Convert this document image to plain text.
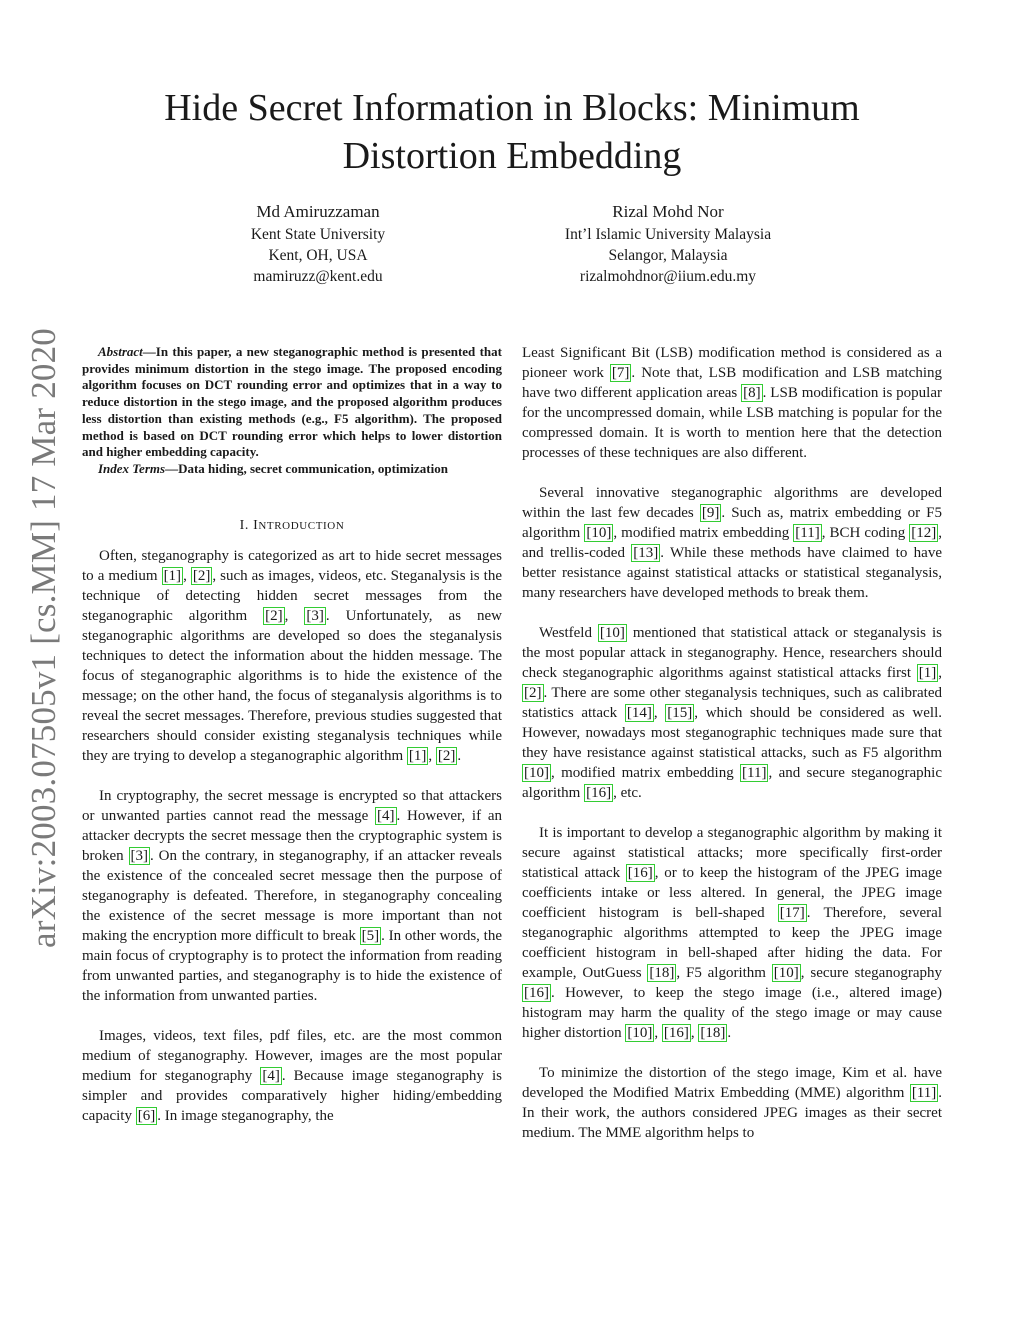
Hide Secret Information in Blocks: Minimum Distortion Embedding
Md Amiruzzaman
Kent State University
Kent, OH, USA
mamiruzz@kent.edu
Rizal Mohd Nor
Int’l Islamic University Malaysia
Selangor, Malaysia
rizalmohdnor@iium.edu.my
arXiv:2003.07505v1 [cs.MM] 17 Mar 2020	Abstract—In this paper, a new steganographic method is presented that provides minimum distortion in the stego image. The proposed encoding algorithm focuses on DCT rounding error and optimizes that in a way to reduce distortion in the stego image, and the proposed algorithm produces less distortion than existing methods (e.g., F5 algorithm). The proposed method is based on DCT rounding error which helps to lower distortion and higher embedding capacity.

Index Terms—Data hiding, secret communication, optimization

I. INTRODUCTION

Often, steganography is categorized as art to hide secret messages to a medium [1] , [2] , such as images, videos, etc. Steganalysis is the technique of detecting hidden secret messages from the steganographic algorithm [2] , [3] . Unfortunately, as new steganographic algorithms are developed so does the steganalysis techniques to detect the information about the hidden message. The focus of steganographic algorithms is to hide the existence of the message; on the other hand, the focus of steganalysis algorithms is to reveal the secret messages. Therefore, previous studies suggested that researchers should consider existing steganalysis techniques while they are trying to develop a steganographic algorithm [1] , [2] .

In cryptography, the secret message is encrypted so that attackers or unwanted parties cannot read the message [4] . However, if an attacker decrypts the secret message then the cryptographic system is broken [3] . On the contrary, in steganography, if an attacker reveals the existence of the concealed secret message then the purpose of steganography is defeated. Therefore, in steganography concealing the existence of the secret message is more important than not making the encryption more difficult to break [5] . In other words, the main focus of cryptography is to protect the information from reading from unwanted parties, and steganography is to hide the existence of the information from unwanted parties.

Images, videos, text files, pdf files, etc. are the most common medium of steganography. However, images are the most popular medium for steganography [4] . Because image steganography is simpler and provides comparatively higher hiding/embedding capacity [6] . In image steganography, the

Least Significant Bit (LSB) modification method is considered as a pioneer work [7] . Note that, LSB modification and LSB matching have two different application areas [8] . LSB modification is popular for the uncompressed domain, while LSB matching is popular for the compressed domain. It is worth to mention here that the detection processes of these techniques are also different.

Several innovative steganographic algorithms are developed within the last few decades [9] . Such as, matrix embedding or F5 algorithm [10] , modified matrix embedding [11] , BCH coding [12] , and trellis-coded [13] . While these methods have claimed to have better resistance against statistical attacks or statistical steganalysis, many researchers have developed methods to break them.

Westfeld [10] mentioned that statistical attack or steganalysis is the most popular attack in steganography. Hence, researchers should check steganographic algorithms against statistical attacks first [1] , [2] . There are some other steganalysis techniques, such as calibrated statistics attack [14] , [15] , which should be considered as well. However, nowadays most steganographic techniques made sure that they have resistance against statistical attacks, such as F5 algorithm [10] , modified matrix embedding [11] , and secure steganographic algorithm [16] , etc.

It is important to develop a steganographic algorithm by making it secure against statistical attacks; more specifically first-order statistical attack [16] , or to keep the histogram of the JPEG image coefficients intake or less altered. In general, the JPEG image coefficient histogram is bell-shaped [17] . Therefore, several steganographic algorithms attempted to keep the JPEG image coefficient histogram in bell-shaped after hiding the data. For example, OutGuess [18] , F5 algorithm [10] , secure steganography [16] . However, to keep the stego image (i.e., altered image) histogram may harm the quality of the stego image or may cause higher distortion [10] , [16] , [18] .

To minimize the distortion of the stego image, Kim et al. have developed the Modified Matrix Embedding (MME) algorithm [11] . In their work, the authors considered JPEG images as their secret medium. The MME algorithm helps to
